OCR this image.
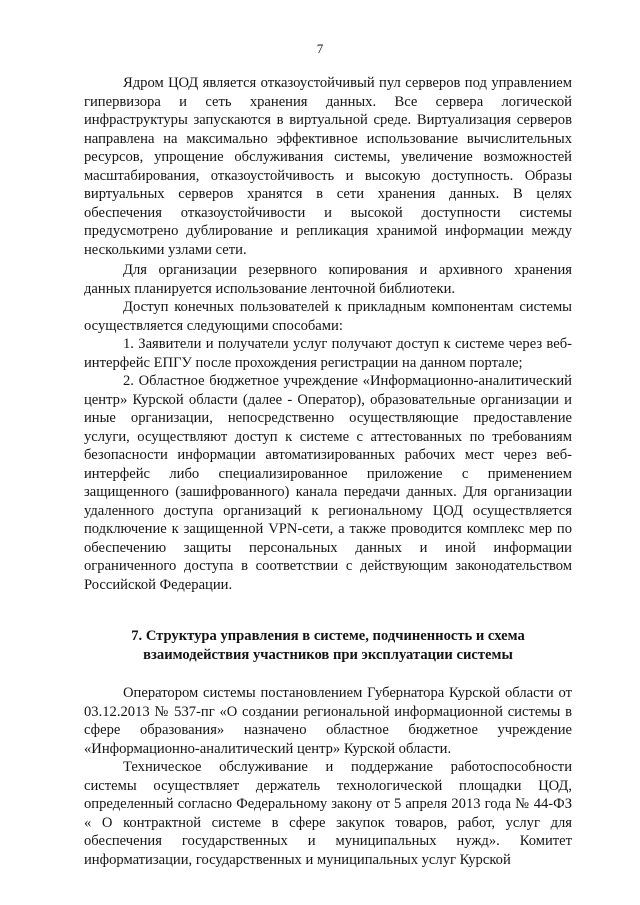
7

Ядром ЦОД является отказоустойчивый пул серверов под управлением гипервизора и сеть хранения данных. Все сервера логической инфраструктуры запускаются в виртуальной среде. Виртуализация серверов направлена на максимально эффективное использование вычислительных ресурсов, упрощение обслуживания системы, увеличение возможностей масштабирования, отказоустойчивость и высокую доступность. Образы виртуальных серверов хранятся в сети хранения данных. В целях обеспечения отказоустойчивости и высокой доступности системы предусмотрено дублирование и репликация хранимой информации между несколькими узлами сети.

Для организации резервного копирования и архивного хранения данных планируется использование ленточной библиотеки.

Доступ конечных пользователей к прикладным компонентам системы осуществляется следующими способами:

1. Заявители и получатели услуг получают доступ к системе через веб-интерфейс ЕПГУ после прохождения регистрации на данном портале;

2. Областное бюджетное учреждение «Информационно-аналитический центр» Курской области (далее - Оператор), образовательные организации и иные организации, непосредственно осуществляющие предоставление услуги, осуществляют доступ к системе с аттестованных по требованиям безопасности информации автоматизированных рабочих мест через веб-интерфейс либо специализированное приложение с применением защищенного (зашифрованного) канала передачи данных. Для организации удаленного доступа организаций к региональному ЦОД осуществляется подключение к защищенной VPN-сети, а также проводится комплекс мер по обеспечению защиты персональных данных и иной информации ограниченного доступа в соответствии с действующим законодательством Российской Федерации.

7. Структура управления в системе, подчиненность и схема
взаимодействия участников при эксплуатации системы

Оператором системы постановлением Губернатора Курской области от 03.12.2013 № 537-пг «О создании региональной информационной системы в сфере образования» назначено областное бюджетное учреждение «Информационно-аналитический центр» Курской области.

Техническое обслуживание и поддержание работоспособности системы осуществляет держатель технологической площадки ЦОД, определенный согласно Федеральному закону от 5 апреля 2013 года № 44-ФЗ « О контрактной системе в сфере закупок товаров, работ, услуг для обеспечения государственных и муниципальных нужд». Комитет информатизации, государственных и муниципальных услуг Курской
